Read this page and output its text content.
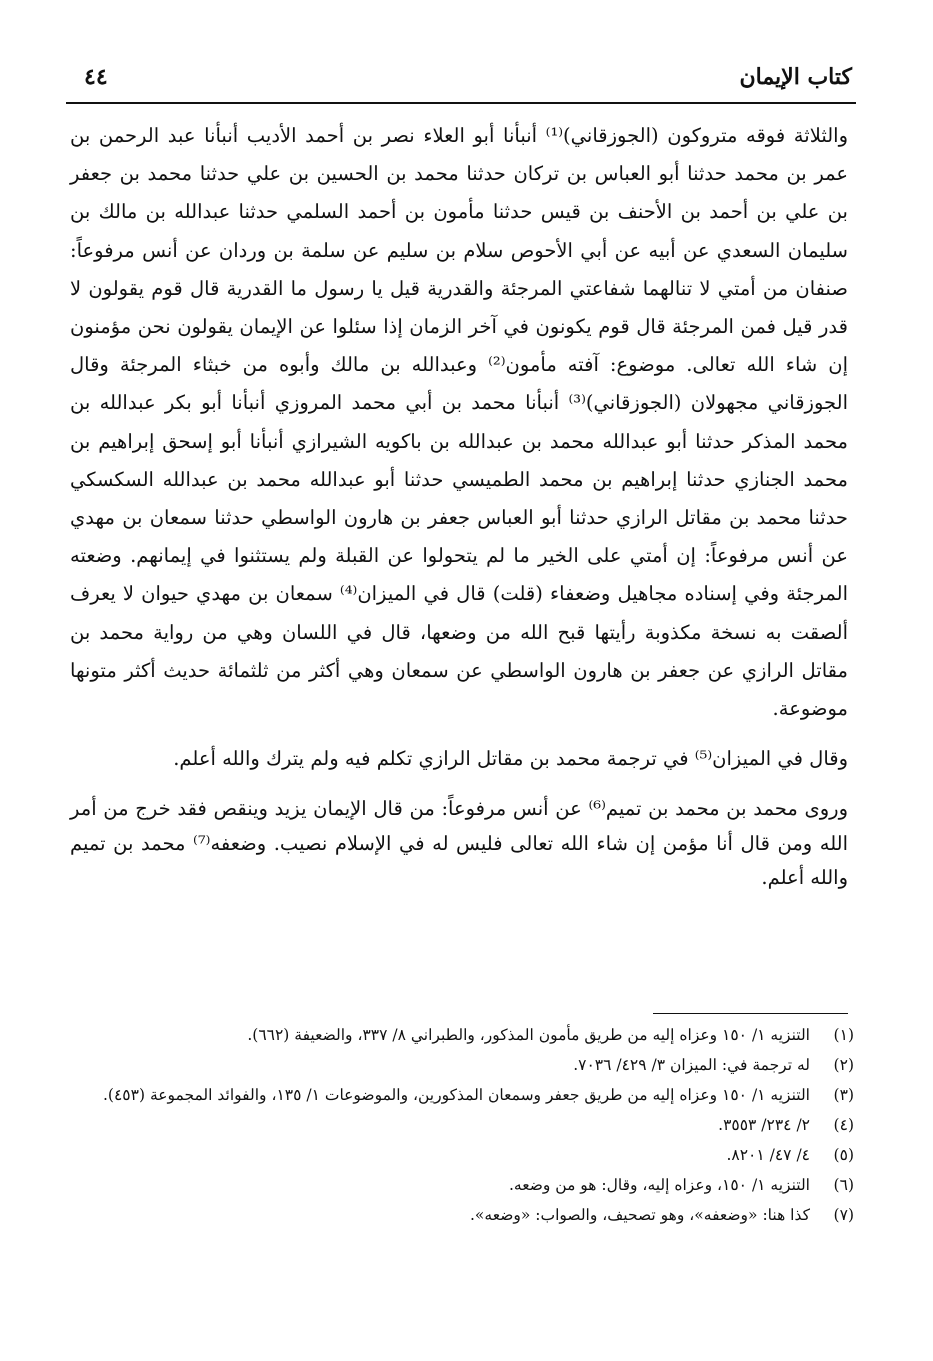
كتاب الإيمان
٤٤

والثلاثة فوقه متروكون (الجوزقاني)⁽¹⁾ أنبأنا أبو العلاء نصر بن أحمد الأديب أنبأنا عبد الرحمن بن عمر بن محمد حدثنا أبو العباس بن تركان حدثنا محمد بن الحسين بن علي حدثنا محمد بن جعفر بن علي بن أحمد بن الأحنف بن قيس حدثنا مأمون بن أحمد السلمي حدثنا عبدالله بن مالك بن سليمان السعدي عن أبيه عن أبي الأحوص سلام بن سليم عن سلمة بن وردان عن أنس مرفوعاً: صنفان من أمتي لا تنالهما شفاعتي المرجئة والقدرية قيل يا رسول ما القدرية قال قوم يقولون لا قدر قيل فمن المرجئة قال قوم يكونون في آخر الزمان إذا سئلوا عن الإيمان يقولون نحن مؤمنون إن شاء الله تعالى. موضوع: آفته مأمون⁽²⁾ وعبدالله بن مالك وأبوه من خبثاء المرجئة وقال الجوزقاني مجهولان (الجوزقاني)⁽³⁾ أنبأنا محمد بن أبي محمد المروزي أنبأنا أبو بكر عبدالله بن محمد المذكر حدثنا أبو عبدالله محمد بن عبدالله بن باكويه الشيرازي أنبأنا أبو إسحق إبراهيم بن محمد الجنازي حدثنا إبراهيم بن محمد الطميسي حدثنا أبو عبدالله محمد بن عبدالله السكسكي حدثنا محمد بن مقاتل الرازي حدثنا أبو العباس جعفر بن هارون الواسطي حدثنا سمعان بن مهدي عن أنس مرفوعاً: إن أمتي على الخير ما لم يتحولوا عن القبلة ولم يستثنوا في إيمانهم. وضعته المرجئة وفي إسناده مجاهيل وضعفاء (قلت) قال في الميزان⁽⁴⁾ سمعان بن مهدي حيوان لا يعرف ألصقت به نسخة مكذوبة رأيتها قبح الله من وضعها، قال في اللسان وهي من رواية محمد بن مقاتل الرازي عن جعفر بن هارون الواسطي عن سمعان وهي أكثر من ثلثمائة حديث أكثر متونها موضوعة.

وقال في الميزان⁽⁵⁾ في ترجمة محمد بن مقاتل الرازي تكلم فيه ولم يترك والله أعلم.

وروى محمد بن محمد بن تميم⁽⁶⁾ عن أنس مرفوعاً: من قال الإيمان يزيد وينقص فقد خرج من أمر الله ومن قال أنا مؤمن إن شاء الله تعالى فليس له في الإسلام نصيب. وضعفه⁽⁷⁾ محمد بن تميم والله أعلم.

(١)
التنزيه ١/ ١٥٠ وعزاه إليه من طريق مأمون المذكور، والطبراني ٨/ ٣٣٧، والضعيفة (٦٦٢).
(٢)
له ترجمة في: الميزان ٣/ ٤٢٩/ ٧٠٣٦.
(٣)
التنزيه ١/ ١٥٠ وعزاه إليه من طريق جعفر وسمعان المذكورين، والموضوعات ١/ ١٣٥، والفوائد المجموعة (٤٥٣).
(٤)
٢/ ٢٣٤/ ٣٥٥٣.
(٥)
٤/ ٤٧/ ٨٢٠١.
(٦)
التنزيه ١/ ١٥٠، وعزاه إليه، وقال: هو من وضعه.
(٧)
كذا هنا: «وضعفه»، وهو تصحيف، والصواب: «وضعه».
